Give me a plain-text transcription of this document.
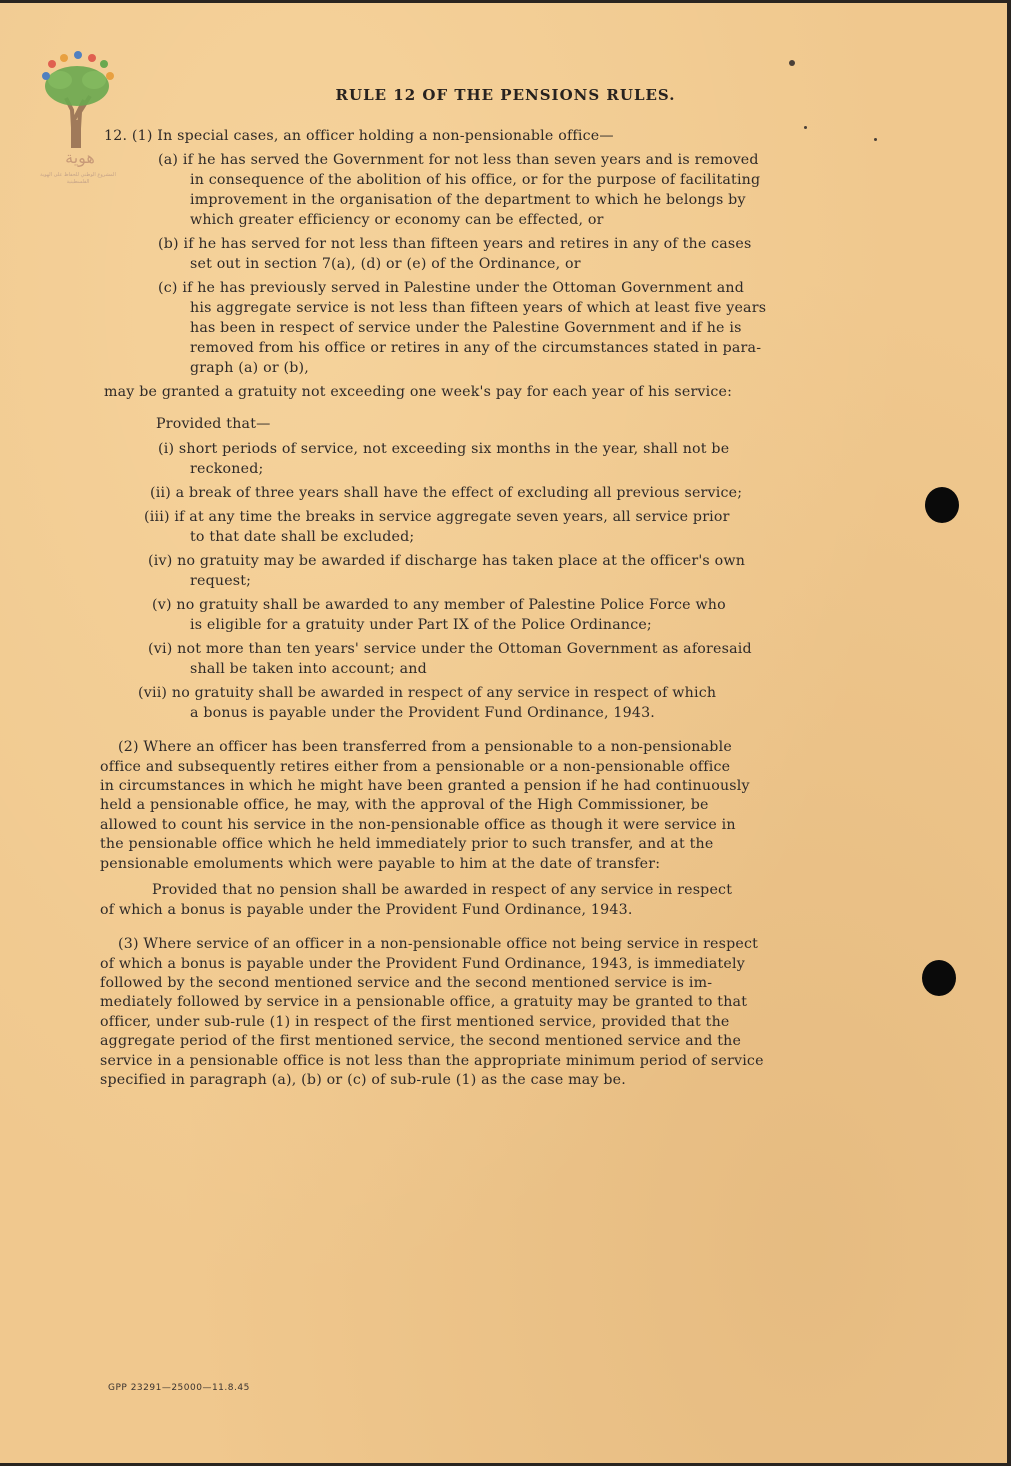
هوية
المشروع الوطني للحفاظ على الهوية الفلسطينية
RULE 12 OF THE PENSIONS RULES.
12. (1) In special cases, an officer holding a non-pensionable office—
(a) if he has served the Government for not less than seven years and is removed
in consequence of the abolition of his office, or for the purpose of facilitating
improvement in the organisation of the department to which he belongs by
which greater efficiency or economy can be effected, or
(b) if he has served for not less than fifteen years and retires in any of the cases
set out in section 7(a), (d) or (e) of the Ordinance, or
(c) if he has previously served in Palestine under the Ottoman Government and
his aggregate service is not less than fifteen years of which at least five years
has been in respect of service under the Palestine Government and if he is
removed from his office or retires in any of the circumstances stated in para-
graph (a) or (b),
may be granted a gratuity not exceeding one week's pay for each year of his service:
Provided that—
(i) short periods of service, not exceeding six months in the year, shall not be
reckoned;
(ii) a break of three years shall have the effect of excluding all previous service;
(iii) if at any time the breaks in service aggregate seven years, all service prior
to that date shall be excluded;
(iv) no gratuity may be awarded if discharge has taken place at the officer's own
request;
(v) no gratuity shall be awarded to any member of Palestine Police Force who
is eligible for a gratuity under Part IX of the Police Ordinance;
(vi) not more than ten years' service under the Ottoman Government as aforesaid
shall be taken into account; and
(vii) no gratuity shall be awarded in respect of any service in respect of which
a bonus is payable under the Provident Fund Ordinance, 1943.
(2) Where an officer has been transferred from a pensionable to a non-pensionable
office and subsequently retires either from a pensionable or a non-pensionable office
in circumstances in which he might have been granted a pension if he had continuously
held a pensionable office, he may, with the approval of the High Commissioner, be
allowed to count his service in the non-pensionable office as though it were service in
the pensionable office which he held immediately prior to such transfer, and at the
pensionable emoluments which were payable to him at the date of transfer:
Provided that no pension shall be awarded in respect of any service in respect
of which a bonus is payable under the Provident Fund Ordinance, 1943.
(3) Where service of an officer in a non-pensionable office not being service in respect
of which a bonus is payable under the Provident Fund Ordinance, 1943, is immediately
followed by the second mentioned service and the second mentioned service is im-
mediately followed by service in a pensionable office, a gratuity may be granted to that
officer, under sub-rule (1) in respect of the first mentioned service, provided that the
aggregate period of the first mentioned service, the second mentioned service and the
service in a pensionable office is not less than the appropriate minimum period of service
specified in paragraph (a), (b) or (c) of sub-rule (1) as the case may be.
GPP 23291—25000—11.8.45
